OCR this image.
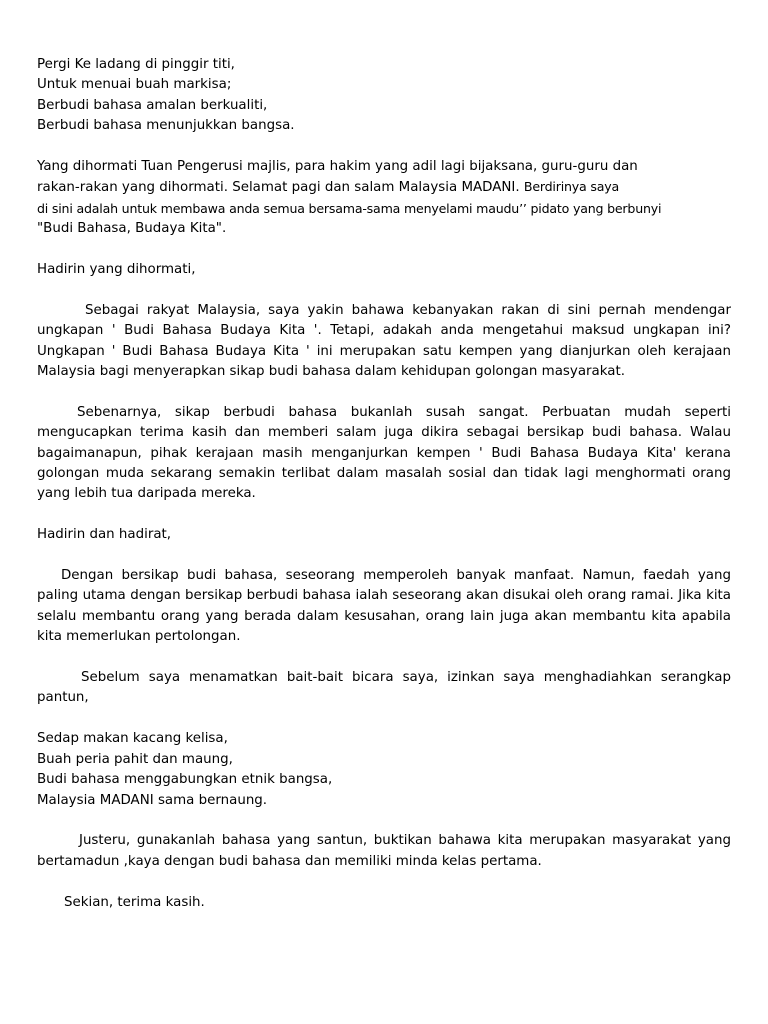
Pergi Ke ladang di pinggir titi,
Untuk menuai buah markisa;
Berbudi bahasa amalan berkualiti,
Berbudi bahasa menunjukkan bangsa.
Yang dihormati Tuan Pengerusi majlis, para hakim yang adil lagi bijaksana, guru-guru dan
rakan-rakan yang dihormati. Selamat pagi dan salam Malaysia MADANI. Berdirinya saya
di sini adalah untuk membawa anda semua bersama-sama menyelami maudu’’ pidato yang berbunyi
"Budi Bahasa, Budaya Kita".

Hadirin yang dihormati,

Sebagai rakyat Malaysia, saya yakin bahawa kebanyakan rakan di sini pernah mendengar ungkapan ' Budi Bahasa Budaya Kita '. Tetapi, adakah anda mengetahui maksud ungkapan ini? Ungkapan ' Budi Bahasa Budaya Kita ' ini merupakan satu kempen yang dianjurkan oleh kerajaan Malaysia bagi menyerapkan sikap budi bahasa dalam kehidupan golongan masyarakat.

Sebenarnya, sikap berbudi bahasa bukanlah susah sangat. Perbuatan mudah seperti mengucapkan terima kasih dan memberi salam juga dikira sebagai bersikap budi bahasa. Walau bagaimanapun, pihak kerajaan masih menganjurkan kempen ' Budi Bahasa Budaya Kita' kerana golongan muda sekarang semakin terlibat dalam masalah sosial dan tidak lagi menghormati orang yang lebih tua daripada mereka.

Hadirin dan hadirat,

Dengan bersikap budi bahasa, seseorang memperoleh banyak manfaat. Namun, faedah yang paling utama dengan bersikap berbudi bahasa ialah seseorang akan disukai oleh orang ramai. Jika kita selalu membantu orang yang berada dalam kesusahan, orang lain juga akan membantu kita apabila kita memerlukan pertolongan.

Sebelum saya menamatkan bait-bait bicara saya, izinkan saya menghadiahkan serangkap pantun,

Sedap makan kacang kelisa,
Buah peria pahit dan maung,
Budi bahasa menggabungkan etnik bangsa,
Malaysia MADANI sama bernaung.

Justeru, gunakanlah bahasa yang santun, buktikan bahawa kita merupakan masyarakat yang bertamadun ,kaya dengan budi bahasa dan memiliki minda kelas pertama.

Sekian, terima kasih.
